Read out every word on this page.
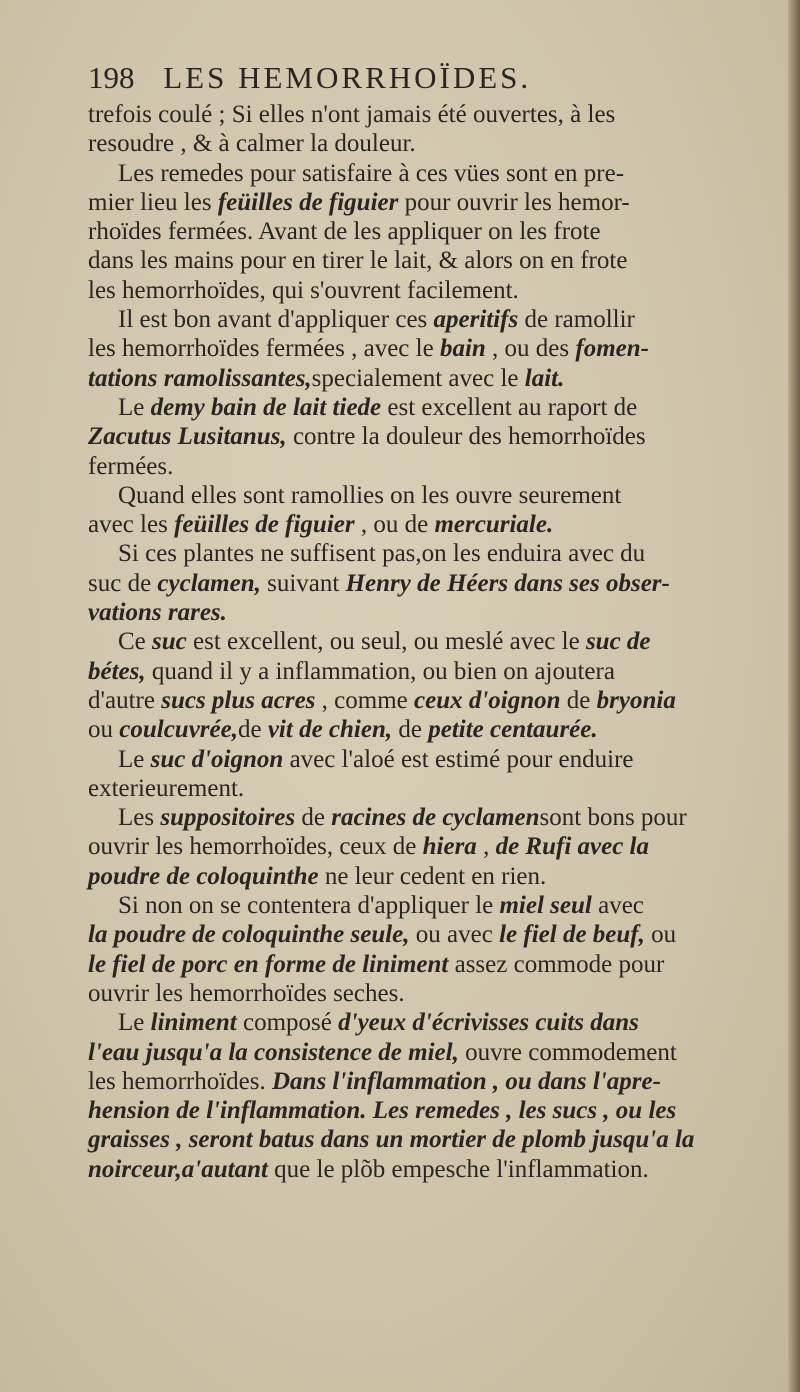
198 LES HEMORRHOÏDES.
trefois coulé ; Si elles n'ont jamais été ouvertes, à les
resoudre , & à calmer la douleur.
Les remedes pour satisfaire à ces vües sont en pre-
mier lieu les feüilles de figuier pour ouvrir les hemor-
rhoïdes fermées. Avant de les appliquer on les frote
dans les mains pour en tirer le lait, & alors on en frote
les hemorrhoïdes, qui s'ouvrent facilement.
Il est bon avant d'appliquer ces aperitifs de ramollir
les hemorrhoïdes fermées , avec le bain , ou des fomen-
tations ramolissantes,specialement avec le lait.
Le demy bain de lait tiede est excellent au raport de
Zacutus Lusitanus, contre la douleur des hemorrhoïdes
fermées.
Quand elles sont ramollies on les ouvre seurement
avec les feüilles de figuier , ou de mercuriale.
Si ces plantes ne suffisent pas,on les enduira avec du
suc de cyclamen, suivant Henry de Héers dans ses obser-
vations rares.
Ce suc est excellent, ou seul, ou meslé avec le suc de
bétes, quand il y a inflammation, ou bien on ajoutera
d'autre sucs plus acres , comme ceux d'oignon de bryonia
ou coulcuvrée,de vit de chien, de petite centaurée.
Le suc d'oignon avec l'aloé est estimé pour enduire
exterieurement.
Les suppositoires de racines de cyclamensont bons pour
ouvrir les hemorrhoïdes, ceux de hiera , de Rufi avec la
poudre de coloquinthe ne leur cedent en rien.
Si non on se contentera d'appliquer le miel seul avec
la poudre de coloquinthe seule, ou avec le fiel de beuf, ou
le fiel de porc en forme de liniment assez commode pour
ouvrir les hemorrhoïdes seches.
Le liniment composé d'yeux d'écrivisses cuits dans
l'eau jusqu'a la consistence de miel, ouvre commodement
les hemorrhoïdes. Dans l'inflammation , ou dans l'apre-
hension de l'inflammation. Les remedes , les sucs , ou les
graisses , seront batus dans un mortier de plomb jusqu'a la
noirceur,a'autant que le plõb empesche l'inflammation.
